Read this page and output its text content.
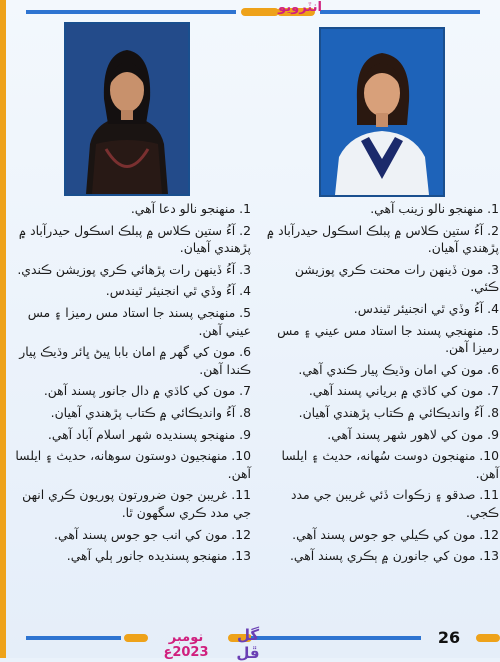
انٽرويو
1. منهنجو نالو دعا آهي.
2. آءُ ستين ڪلاس ۾ پبلڪ اسڪول حيدرآباد ۾ پڙهندي آهيان.
3. آءُ ڏينهن رات پڙهائي ڪري پوزيشن ڪندي.
4. آءُ وڏي ٿي انجنيئر ٿيندس.
5. منهنجي پسند جا استاد مس رميزا ۽ مس عيني آهن.
6. مون کي گهر ۾ امان بابا ڀيڻ ڀائر وڌيڪ پيار ڪندا آهن.
7. مون کي کاڌي ۾ دال جانور پسند آهن.
8. آءُ وانديڪائي ۾ ڪتاب پڙهندي آهيان.
9. منهنجو پسنديده شهر اسلام آباد آهي.
10. منهنجيون دوستون سوهانه، حديث ۽ ايلسا آهن.
11. غريبن جون ضرورتون پوريون ڪري انهن جي مدد ڪري سگهون ٿا.
12. مون کي انب جو جوس پسند آهي.
13. منهنجو پسنديده جانور ٻلي آهي.
1. منهنجو نالو زينب آهي.
2. آءُ ستين ڪلاس ۾ پبلڪ اسڪول حيدرآباد ۾ پڙهندي آهيان.
3. مون ڏينهن رات محنت ڪري پوزيشن ڪئي.
4. آءُ وڏي ٿي انجنيئر ٿيندس.
5. منهنجي پسند جا استاد مس عيني ۽ مس رميزا آهن.
6. مون کي امان وڌيڪ پيار ڪندي آهي.
7. مون کي کاڌي ۾ برياني پسند آهي.
8. آءُ وانديڪائي ۾ ڪتاب پڙهندي آهيان.
9. مون کي لاهور شهر پسند آهي.
10. منهنجون دوست سُهانه، حديث ۽ ايلسا آهن.
11. صدقو ۽ زڪوات ڏئي غريبن جي مدد ڪجي.
12. مون کي ڪيلي جو جوس پسند آهي.
13. مون کي جانورن ۾ ٻڪري پسند آهي.
نومبر 2023ع
گل ڦل
26
